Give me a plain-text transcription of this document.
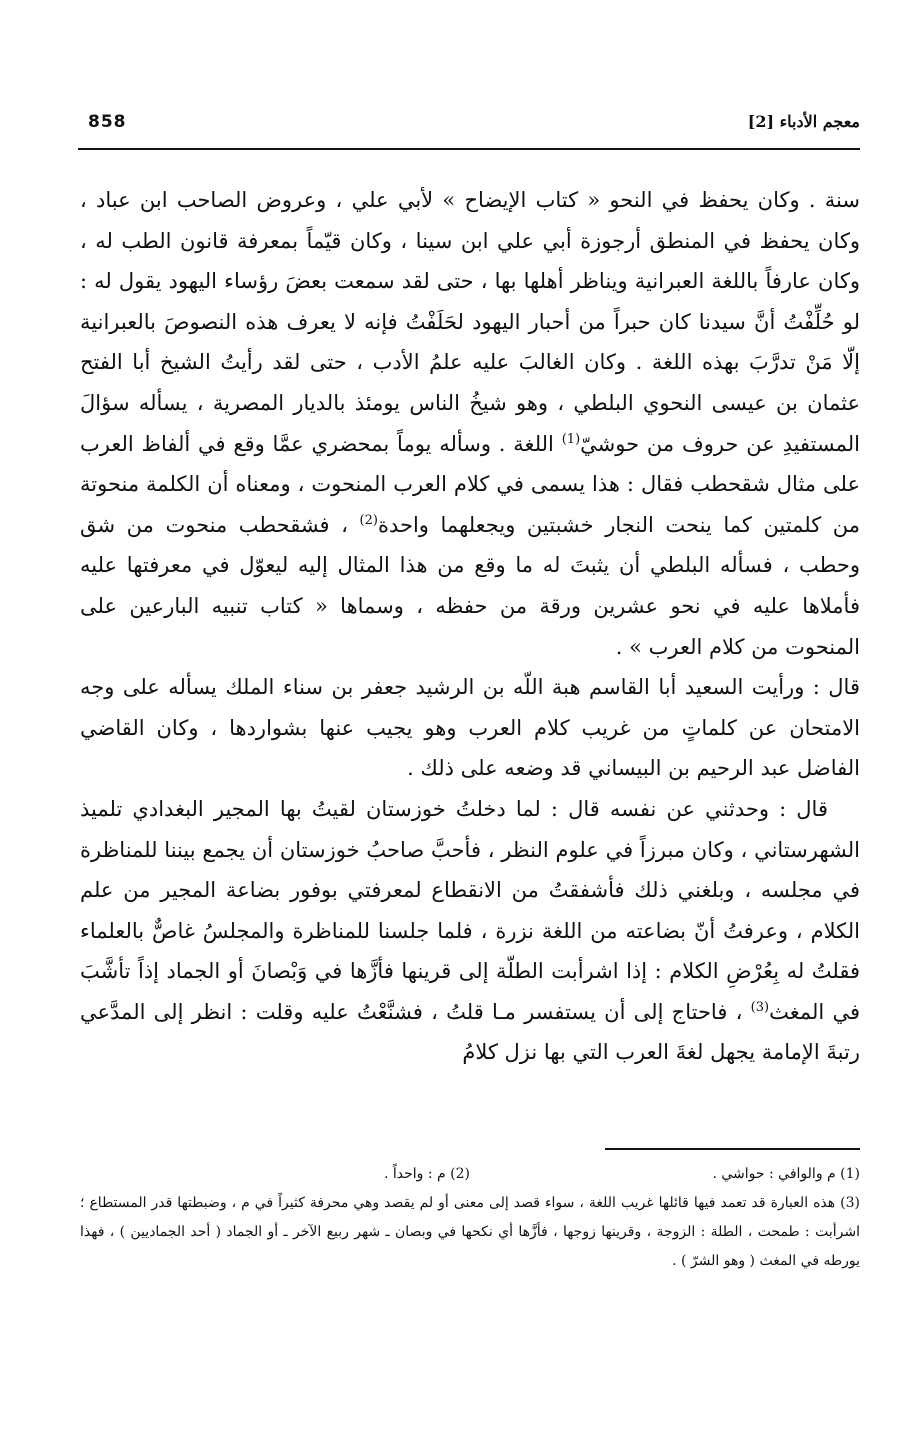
858	معجم الأدباء [2]

سنة . وكان يحفظ في النحو « كتاب الإيضاح » لأبي علي ، وعروض الصاحب ابن عباد ، وكان يحفظ في المنطق أرجوزة أبي علي ابن سينا ، وكان قيّماً بمعرفة قانون الطب له ، وكان عارفاً باللغة العبرانية ويناظر أهلها بها ، حتى لقد سمعت بعضَ رؤساء اليهود يقول له : لو حُلِّفْتُ أنَّ سيدنا كان حبراً من أحبار اليهود لحَلَفْتُ فإنه لا يعرف هذه النصوصَ بالعبرانية إلّا مَنْ تدرَّبَ بهذه اللغة . وكان الغالبَ عليه علمُ الأدب ، حتى لقد رأيتُ الشيخ أبا الفتح عثمان بن عيسى النحوي البلطي ، وهو شيخُ الناس يومئذ بالديار المصرية ، يسأله سؤالَ المستفيدِ عن حروف من حوشيّ$^{(1)}$ اللغة . وسأله يوماً بمحضري عمَّا وقع في ألفاظ العرب على مثال شقحطب فقال : هذا يسمى في كلام العرب المنحوت ، ومعناه أن الكلمة منحوتة من كلمتين كما ينحت النجار خشبتين ويجعلهما واحدة$^{(2)}$ ، فشقحطب منحوت من شق وحطب ، فسأله البلطي أن يثبتَ له ما وقع من هذا المثال إليه ليعوّل في معرفتها عليه فأملاها عليه في نحو عشرين ورقة من حفظه ، وسماها « كتاب تنبيه البارعين على المنحوت من كلام العرب » .

قال : ورأيت السعيد أبا القاسم هبة اللّه بن الرشيد جعفر بن سناء الملك يسأله على وجه الامتحان عن كلماتٍ من غريب كلام العرب وهو يجيب عنها بشواردها ، وكان القاضي الفاضل عبد الرحيم بن البيساني قد وضعه على ذلك .

قال : وحدثني عن نفسه قال : لما دخلتُ خوزستان لقيتُ بها المجير البغدادي تلميذ الشهرستاني ، وكان مبرزاً في علوم النظر ، فأحبَّ صاحبُ خوزستان أن يجمع بيننا للمناظرة في مجلسه ، وبلغني ذلك فأشفقتُ من الانقطاع لمعرفتي بوفور بضاعة المجير من علم الكلام ، وعرفتُ أنّ بضاعته من اللغة نزرة ، فلما جلسنا للمناظرة والمجلسُ غاصٌّ بالعلماء فقلتُ له بِعُرْضِ الكلام : إذا اشرأبت الطلّة إلى قرينها فأزَّها في وَبْصانَ أو الجماد إذاً تأشَّبَ في المغث$^{(3)}$ ، فاحتاج إلى أن يستفسر مـا قلتُ ، فشنَّعْتُ عليه وقلت : انظر إلى المدَّعي رتبةَ الإمامة يجهل لغةَ العرب التي بها نزل كلامُ

(1) م والوافي : حواشي .
(2) م : واحداً .
(3) هذه العبارة قد تعمد فيها قائلها غريب اللغة ، سواء قصد إلى معنى أو لم يقصد وهي محرفة كثيراً في م ، وضبطتها قدر المستطاع ؛ اشرأبت : طمحت ، الطلة : الزوجة ، وقرينها زوجها ، فأزَّها أي نكحها في وبصان ـ شهر ربيع الآخر ـ أو الجماد ( أحد الجماديين ) ، فهذا يورطه في المغث ( وهو الشرّ ) .
